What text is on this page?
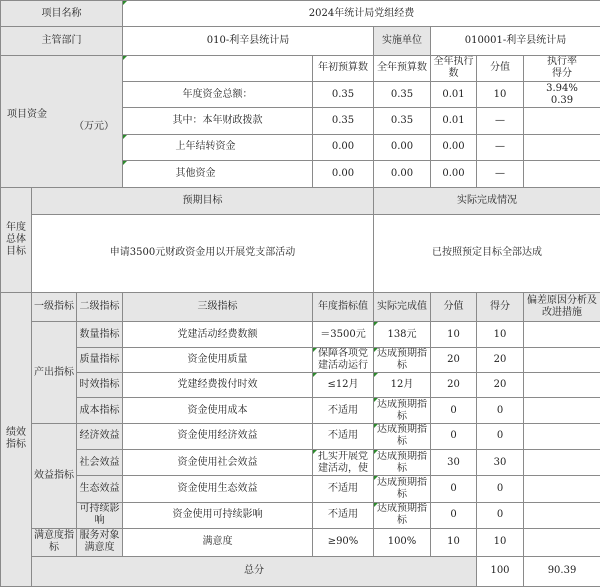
项目名称			2024年统计局党组经费						
主管部门			010-利辛县统计局		实施单位	010001-利辛县统计局			

项目资金
（万元）				年初预算数	全年预算数	全年执行数	分值	执行率得分	
			年度资金总额：	0.35	0.35	0.01	10	3.94%0.39	
			其中：本年财政拨款	0.35	0.35	0.01	—		
			上年结转资金	0.00	0.00	0.00	—		
			其他资金	0.00	0.00	0.00	—		
年度总体目标	预期目标				实际完成情况				
	申请3500元财政资金用以开展党支部活动				已按照预定目标全部达成				
绩效指标	一级指标	二级指标	三级指标	年度指标值	实际完成值	分值	得分	偏差原因分析及改进措施	
	产出指标	数量指标	党建活动经费数额	＝3500元	138元	10	10		
		质量指标	资金使用质量	保障各项党建活动运行	达成预期指标	20	20		
		时效指标	党建经费拨付时效	≤12月	12月	20	20		
		成本指标	资金使用成本	不适用	达成预期指标	0	0		
	效益指标	经济效益	资金使用经济效益	不适用	达成预期指标	0	0		
		社会效益	资金使用社会效益	扎实开展党建活动，使	达成预期指标	30	30		
		生态效益	资金使用生态效益	不适用	达成预期指标	0	0		
		可持续影响	资金使用可持续影响	不适用	达成预期指标	0	0		
	满意度指标	服务对象满意度	满意度	≥90%	100%	10	10		
	总分						100	90.39	
